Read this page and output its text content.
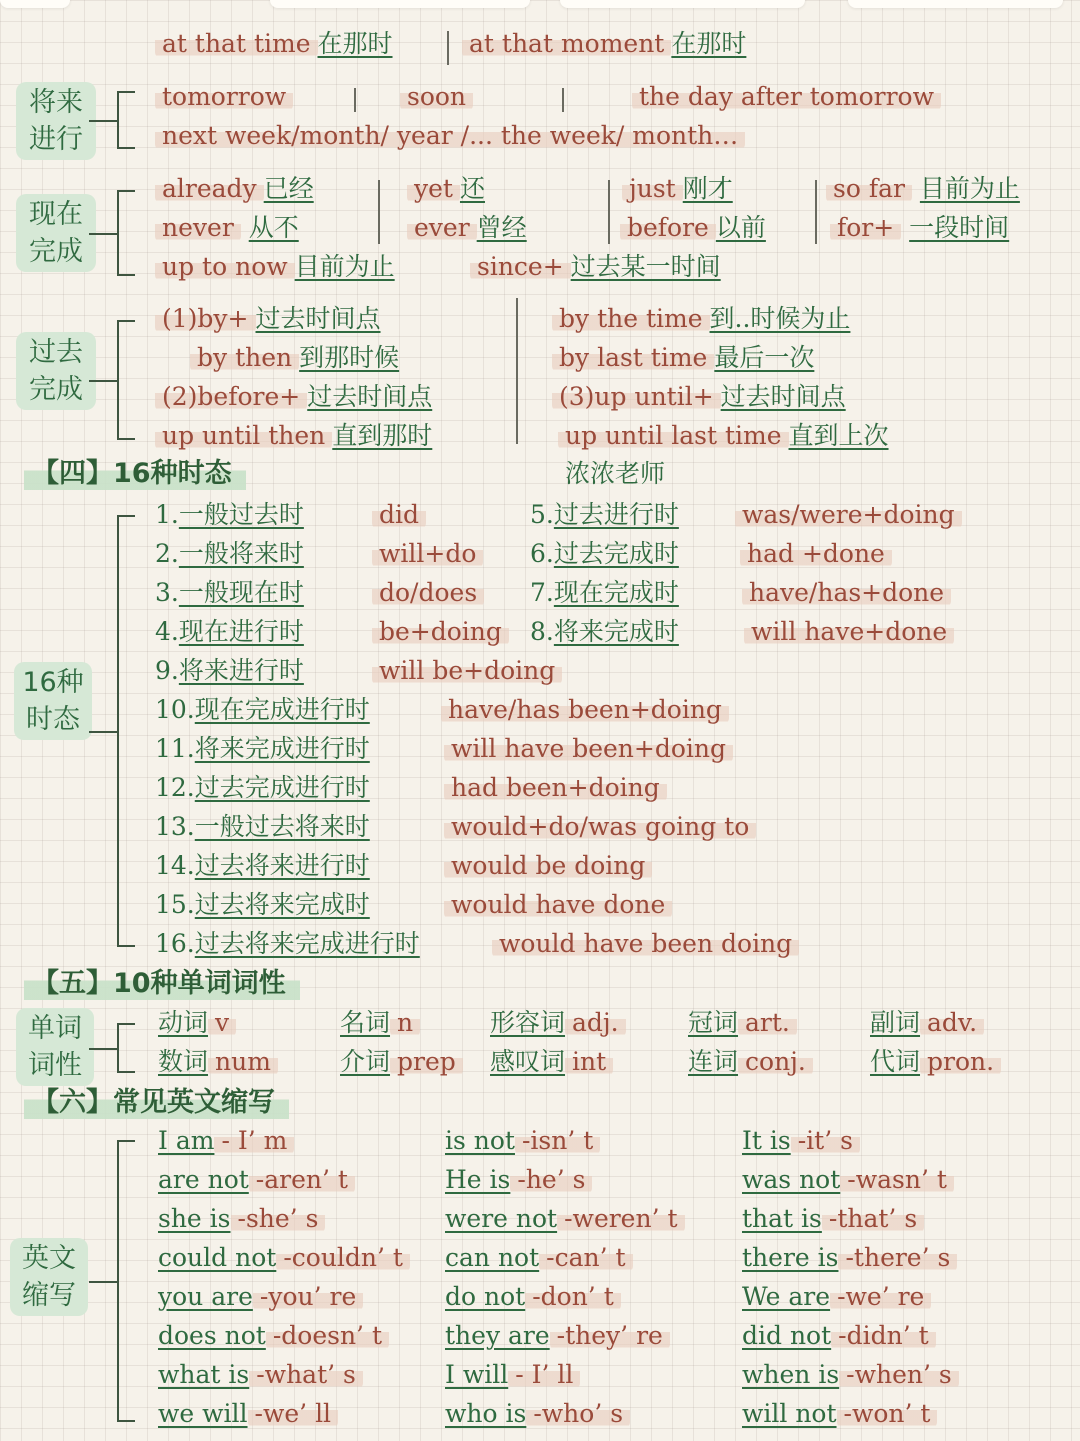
at that time 在那时	at that moment 在那时
将来
进行
tomorrow	soon	the day after tomorrow
next week/month/ year /... the week/ month…
现在
完成
already 已经	yet 还	just 刚才	so far 目前为止
never 从不	ever 曾经	before 以前	for+ 一段时间
up to now 目前为止	since+ 过去某一时间
过去
完成
(1)by+ 过去时间点
by then 到那时候
(2)before+ 过去时间点
up until then 直到那时
by the time 到..时候为止
by last time 最后一次
(3)up until+ 过去时间点
up until last time 直到上次
【四】16种时态	浓浓老师
16种
时态
1.一般过去时	did
2.一般将来时	will+do
3.一般现在时	do/does
4.现在进行时	be+doing
5.过去进行时	was/were+doing
6.过去完成时	had +done
7.现在完成时	have/has+done
8.将来完成时	will have+done
9.将来进行时	will be+doing
10.现在完成进行时	have/has been+doing
11.将来完成进行时	will have been+doing
12.过去完成进行时	had been+doing
13.一般过去将来时	would+do/was going to
14.过去将来进行时	would be doing
15.过去将来完成时	would have done
16.过去将来完成进行时	would have been doing
【五】10种单词词性
单词
词性
动词 v	名词 n	形容词 adj.	冠词 art.	副词 adv.
数词 num	介词 prep 感叹词 int	连词 conj.	代词 pron.
【六】常见英文缩写
英文
缩写
I am - I’ m
are not -aren’ t
she is -she’ s
could not -couldn’ t
you are -you’ re
does not -doesn’ t
what is -what’ s
we will -we’ ll
is not -isn’ t
He is -he’ s
were not -weren’ t
can not -can’ t
do not -don’ t
they are -they’ re
I will - I’ ll
who is -who’ s
It is -it’ s
was not -wasn’ t
that is -that’ s
there is -there’ s
We are -we’ re
did not -didn’ t
when is -when’ s
will not -won’ t
